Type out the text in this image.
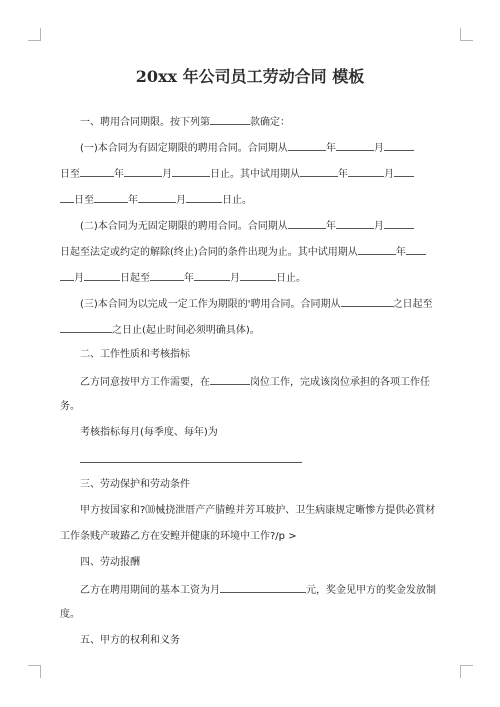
20xx 年公司员工劳动合同 模板
一、聘用合同期限。按下列第	款确定：
(一)本合同为有固定期限的聘用合同。合同期从	年	月
日至	年	月	日止。其中试用期从	年	月
日至	年	月	日止。
(二)本合同为无固定期限的聘用合同。合同期从	年	月
日起至法定或约定的解除(终止)合同的条件出现为止。其中试用期从	年
月	日起至	年	月	日止。
(三)本合同为以完成一定工作为期限的'聘用合同。合同期从	之日起至
之日止(起止时间必须明确具体)。
二、工作性质和考核指标
乙方同意按甲方工作需要，在	岗位工作，完成该岗位承担的各项工作任
务。
考核指标每月(每季度、每年)为
三、劳动保护和劳动条件
甲方按国家和?⑽械挠泄厝产产腈鳇并芳耳玻护、卫生病康规定晰惨方提供必賞材
工作条贱产玻踳乙方在安鳇并健康的环境中工作?/p >
四、劳动报酬
乙方在聘用期间的基本工资为月	元，奖金见甲方的奖金发放制
度。
五、甲方的权利和义务
